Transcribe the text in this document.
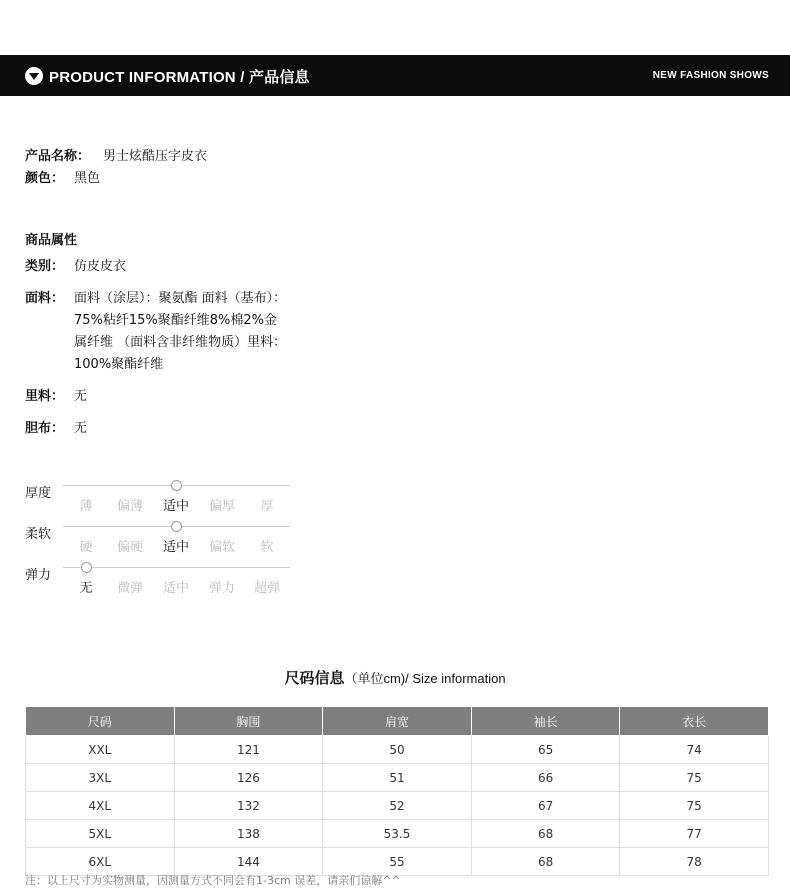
PRODUCT INFORMATION / 产品信息	NEW FASHION SHOWS
产品名称： 男士炫酷压字皮衣
颜色： 黑色
商品属性
类别： 仿皮皮衣
面料： 面料（涂层）：聚氨酯 面料（基布）：75%粘纤15%聚酯纤维8%棉2%金属纤维 （面料含非纤维物质）里料：100%聚酯纤维
里料： 无
胆布： 无
厚度
薄	偏薄	适中	偏厚	厚
柔软
硬	偏硬	适中	偏软	软
弹力
无	微弹	适中	弹力	超弹
尺码信息（单位cm)/ Size information
尺码	胸围	肩宽	袖长	衣长
XXL	121	50	65	74
3XL	126	51	66	75
4XL	132	52	67	75
5XL	138	53.5	68	77
6XL	144	55	68	78
注：以上尺寸为实物测量，因测量方式不同会有1-3cm 误差，请亲们谅解^^
